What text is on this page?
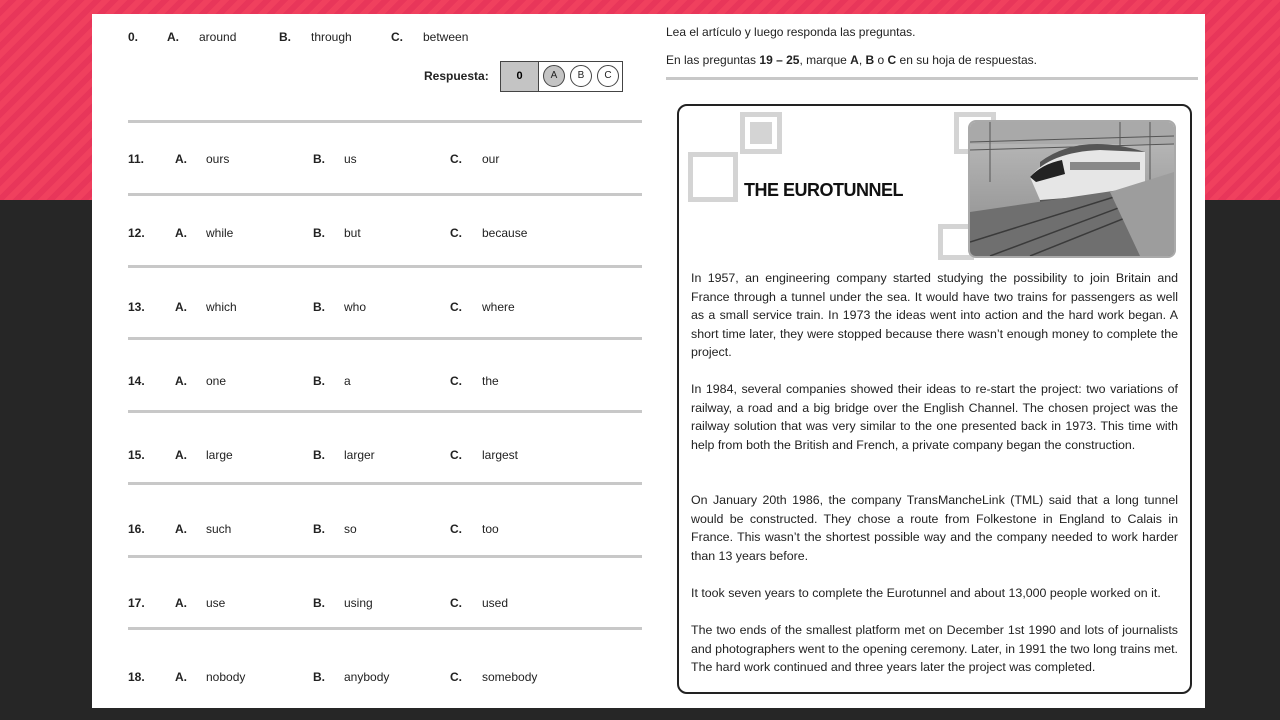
0. A. around	B. through	C. between
Respuesta:	0	A	B	C
11.	A. ours	B. us	C. our
12.	A. while	B. but	C. because
13.	A. which	B. who	C. where
14.	A. one	B. a	C. the
15.	A. large	B. larger	C. largest
16.	A. such	B. so	C. too
17.	A. use	B. using	C. used
18.	A. nobody	B. anybody	C. somebody
Lea el artículo y luego responda las preguntas.
En las preguntas 19 – 25, marque A, B o C en su hoja de respuestas.
THE EUROTUNNEL

In 1957, an engineering company started studying the possibility to join Britain and France through a tunnel under the sea. It would have two trains for passengers as well as a small service train. In 1973 the ideas went into action and the hard work began. A short time later, they were stopped because there wasn’t enough money to complete the project.

In 1984, several companies showed their ideas to re-start the project: two variations of railway, a road and a big bridge over the English Channel. The chosen project was the railway solution that was very similar to the one presented back in 1973. This time with help from both the British and French, a private company began the construction.

On January 20th 1986, the company TransMancheLink (TML) said that a long tunnel would be constructed. They chose a route from Folkestone in England to Calais in France. This wasn’t the shortest possible way and the company needed to work harder than 13 years before.

It took seven years to complete the Eurotunnel and about 13,000 people worked on it.

The two ends of the smallest platform met on December 1st 1990 and lots of journalists and photographers went to the opening ceremony. Later, in 1991 the two long trains met. The hard work continued and three years later the project was completed.
